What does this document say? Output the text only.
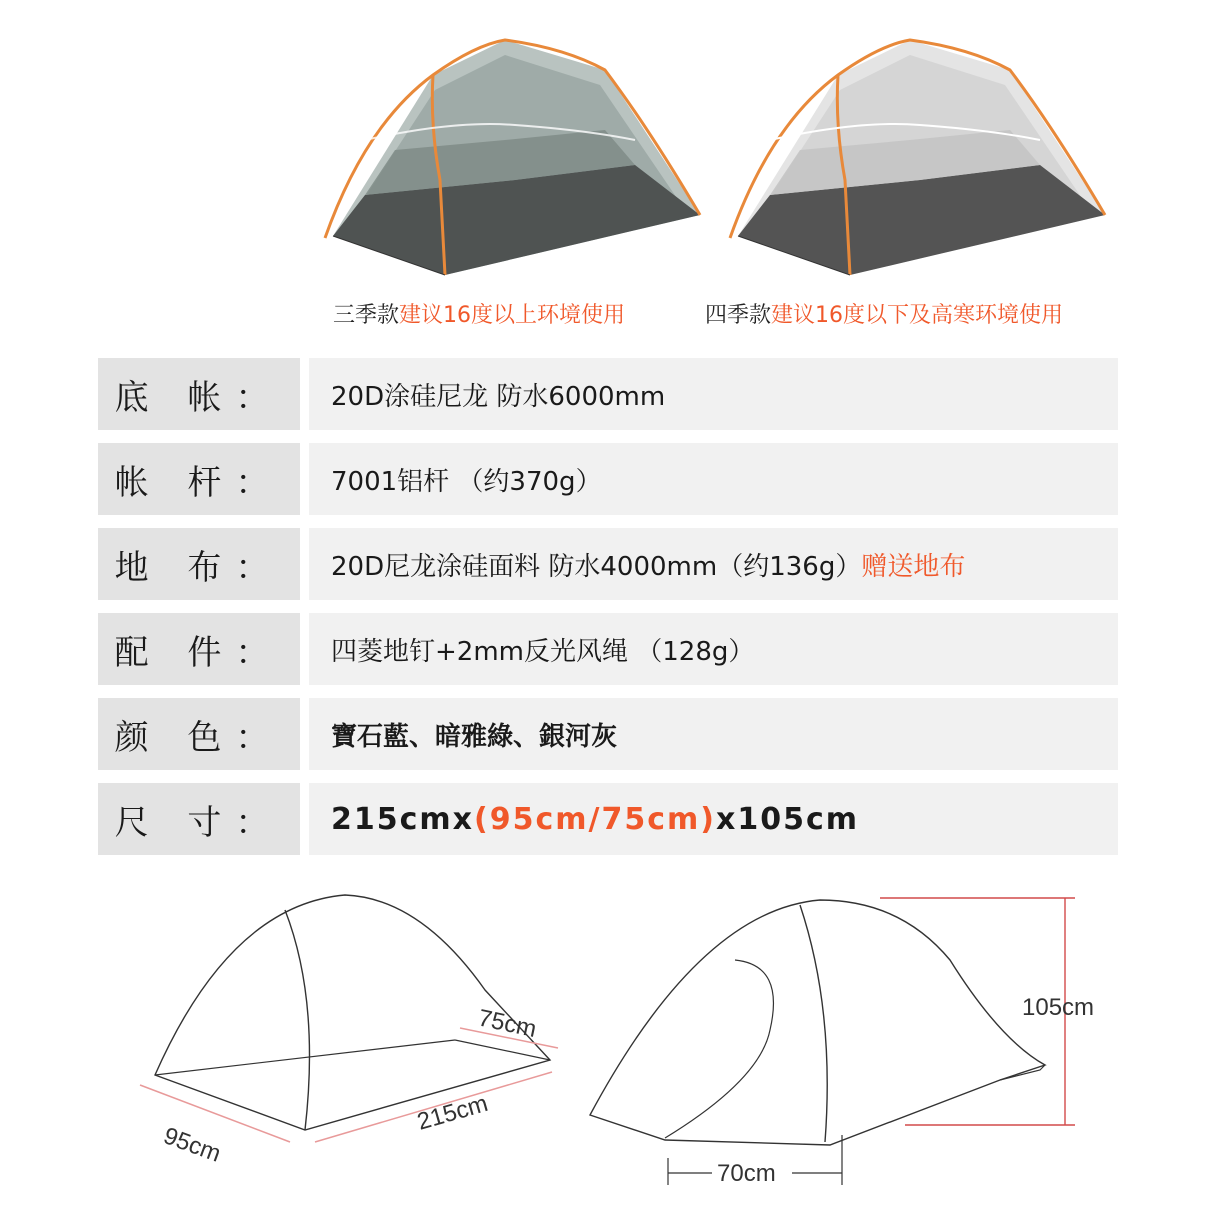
三季款建议16度以上环境使用	四季款建议16度以下及高寒环境使用
底 帐：	20D涂硅尼龙 防水6000mm
帐 杆：	7001铝杆 （约370g）
地 布：	20D尼龙涂硅面料 防水4000mm（约136g） 赠送地布
配 件：	四菱地钉+2mm反光风绳 （128g）
颜 色：	寶石藍、暗雅綠、銀河灰
尺 寸：	215cmx (95cm/75cm) x105cm
95cm
215cm
75cm	105cm
70cm
